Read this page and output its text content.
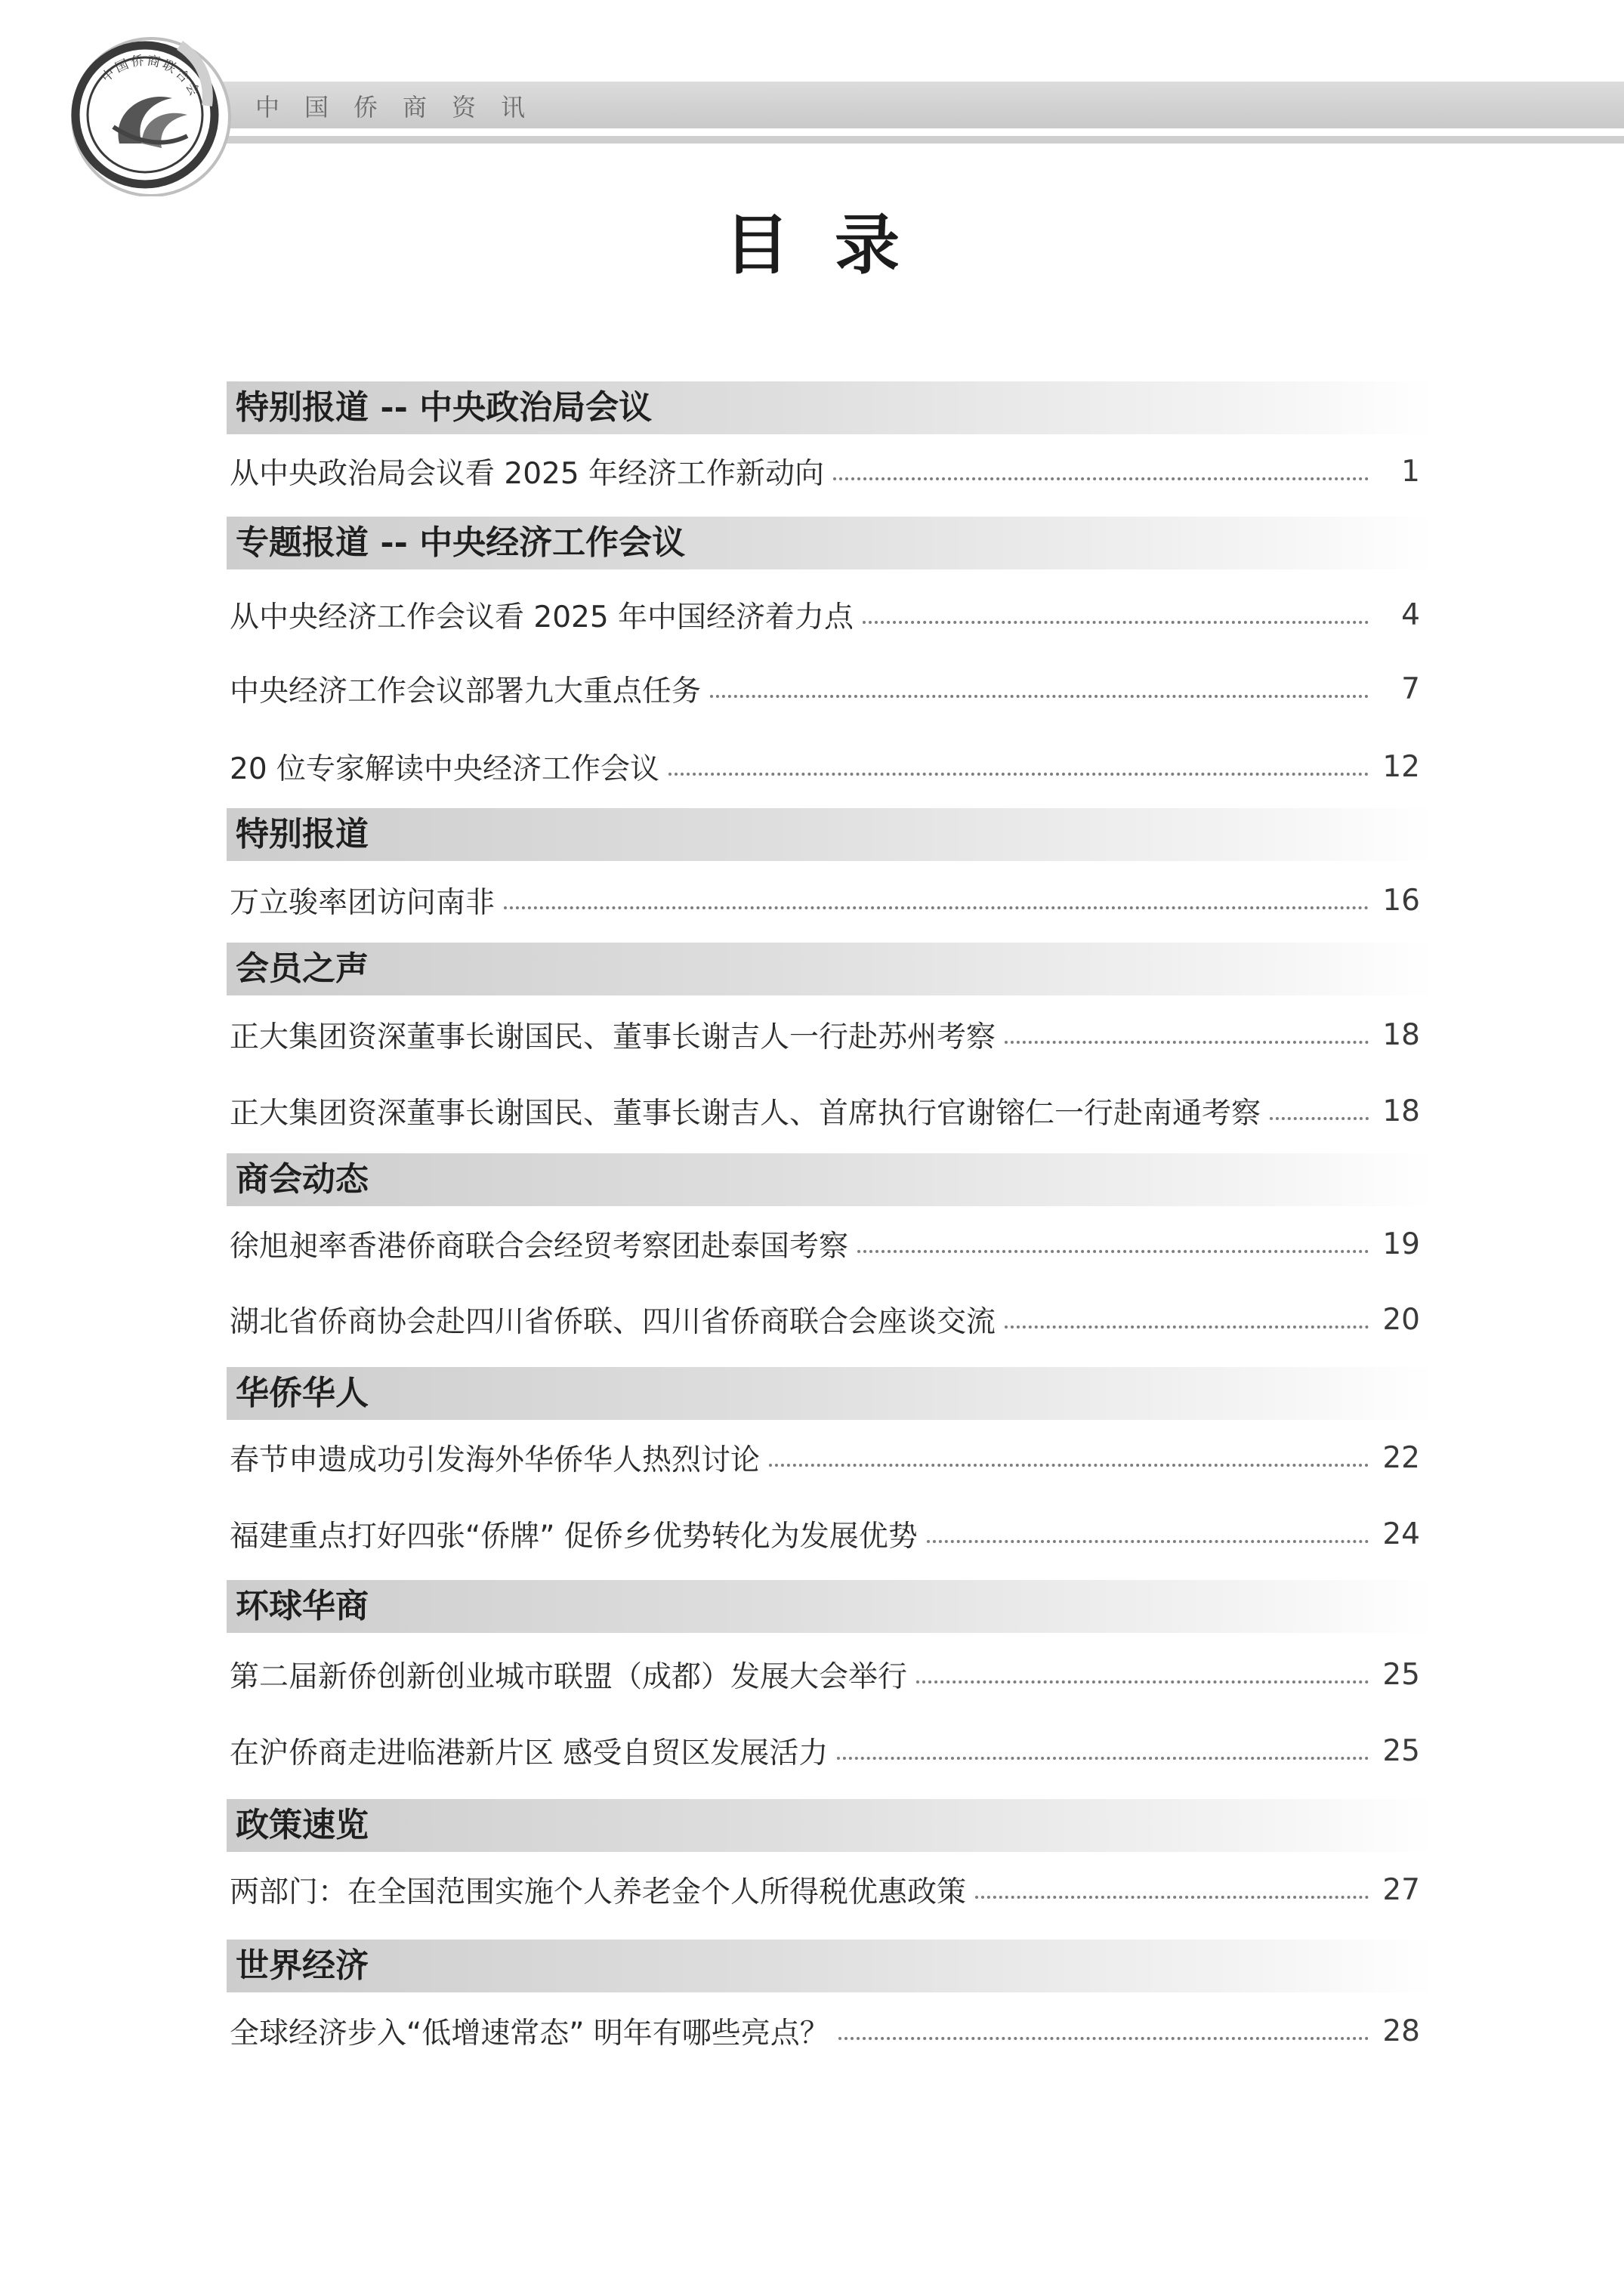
中国侨商资讯
中国侨商联合会
目录
特别报道 -- 中央政治局会议
从中央政治局会议看 2025 年经济工作新动向	1
专题报道 -- 中央经济工作会议
从中央经济工作会议看 2025 年中国经济着力点	4
中央经济工作会议部署九大重点任务	7
20 位专家解读中央经济工作会议	12
特别报道
万立骏率团访问南非	16
会员之声
正大集团资深董事长谢国民、董事长谢吉人一行赴苏州考察	18
正大集团资深董事长谢国民、董事长谢吉人、首席执行官谢镕仁一行赴南通考察	18
商会动态
徐旭昶率香港侨商联合会经贸考察团赴泰国考察	19
湖北省侨商协会赴四川省侨联、四川省侨商联合会座谈交流	20
华侨华人
春节申遗成功引发海外华侨华人热烈讨论	22
福建重点打好四张“侨牌” 促侨乡优势转化为发展优势	24
环球华商
第二届新侨创新创业城市联盟（成都）发展大会举行	25
在沪侨商走进临港新片区 感受自贸区发展活力	25
政策速览
两部门：在全国范围实施个人养老金个人所得税优惠政策	27
世界经济
全球经济步入“低增速常态” 明年有哪些亮点？	28
